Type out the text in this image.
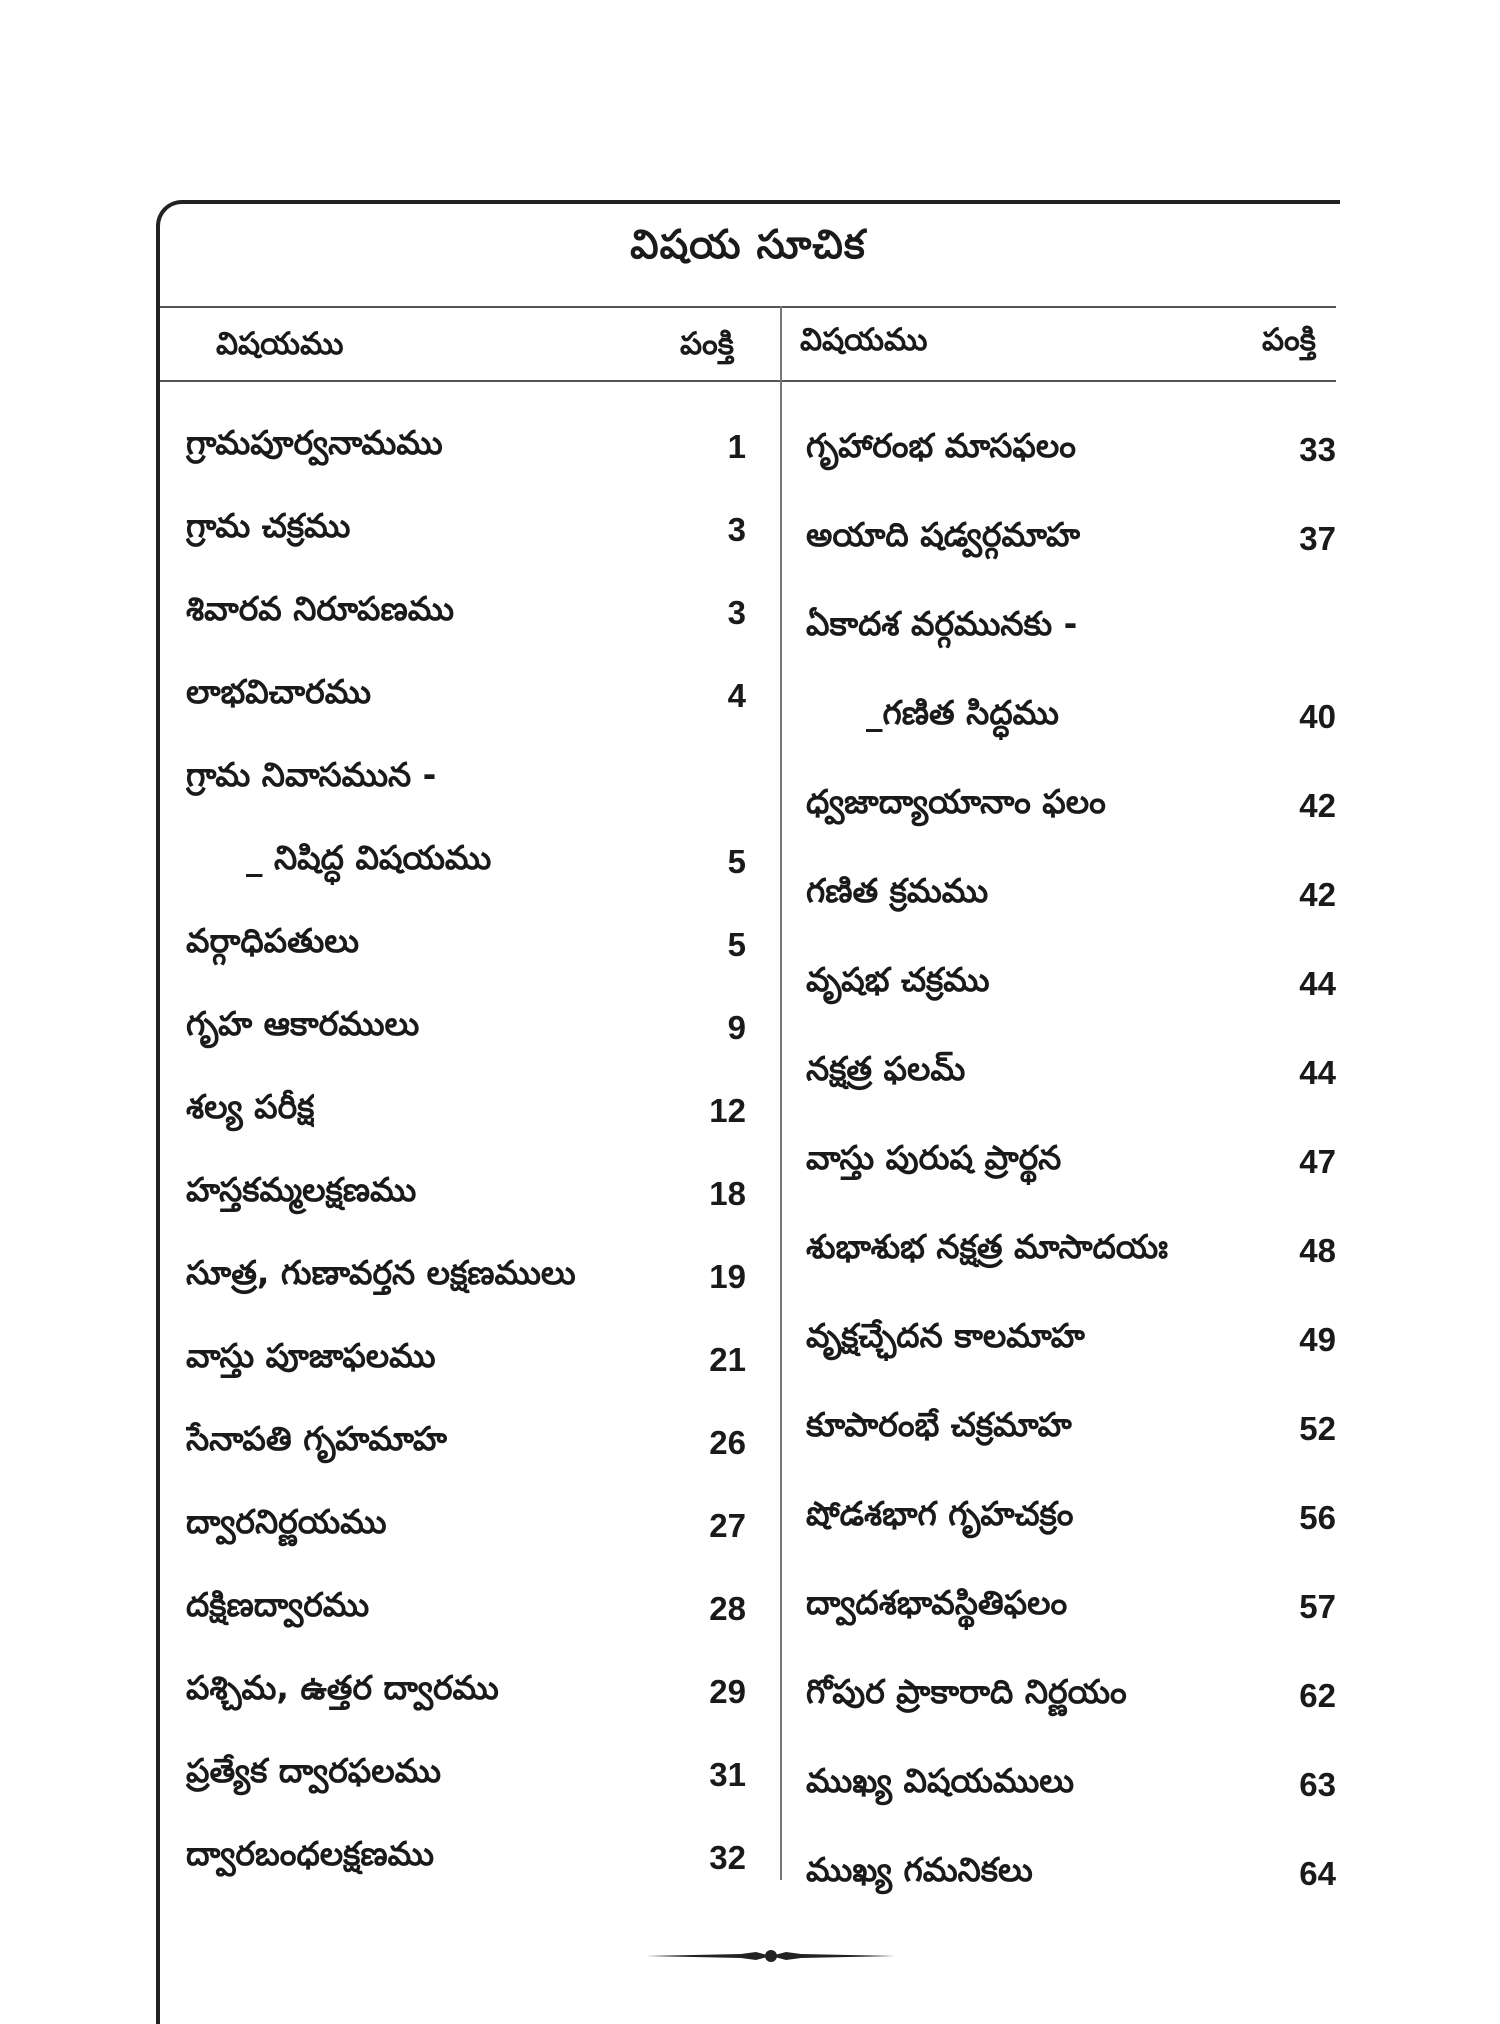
విషయ సూచిక
విషయము	పంక్తి విషయము	పంక్తి
గ్రామపూర్వనామము	1
గ్రామ చక్రము	3
శివారవ నిరూపణము	3
లాభవిచారము	4
గ్రామ నివాసమున -
_ నిషిద్ధ విషయము	5
వర్గాధిపతులు	5
గృహ ఆకారములు	9
శల్య పరీక్ష	12
హస్తకమ్మలక్షణము	18
సూత్ర, గుణావర్తన లక్షణములు	19
వాస్తు పూజాఫలము	21
సేనాపతి గృహమాహ	26
ద్వారనిర్ణయము	27
దక్షిణద్వారము	28
పశ్చిమ, ఉత్తర ద్వారము	29
ప్రత్యేక ద్వారఫలము	31
ద్వారబంధలక్షణము	32
గృహారంభ మాసఫలం	33
అయాది షడ్వర్గమాహ	37
ఏకాదశ వర్గమునకు -
_గణిత సిద్ధము	40
ధ్వజాద్యాయానాం ఫలం	42
గణిత క్రమము	42
వృషభ చక్రము	44
నక్షత్ర ఫలమ్	44
వాస్తు పురుష ప్రార్థన	47
శుభాశుభ నక్షత్ర మాసాదయః	48
వృక్షచ్ఛేదన కాలమాహ	49
కూపారంభే చక్రమాహ	52
షోడశభాగ గృహచక్రం	56
ద్వాదశభావస్థితిఫలం	57
గోపుర ప్రాకారాది నిర్ణయం	62
ముఖ్య విషయములు	63
ముఖ్య గమనికలు	64
